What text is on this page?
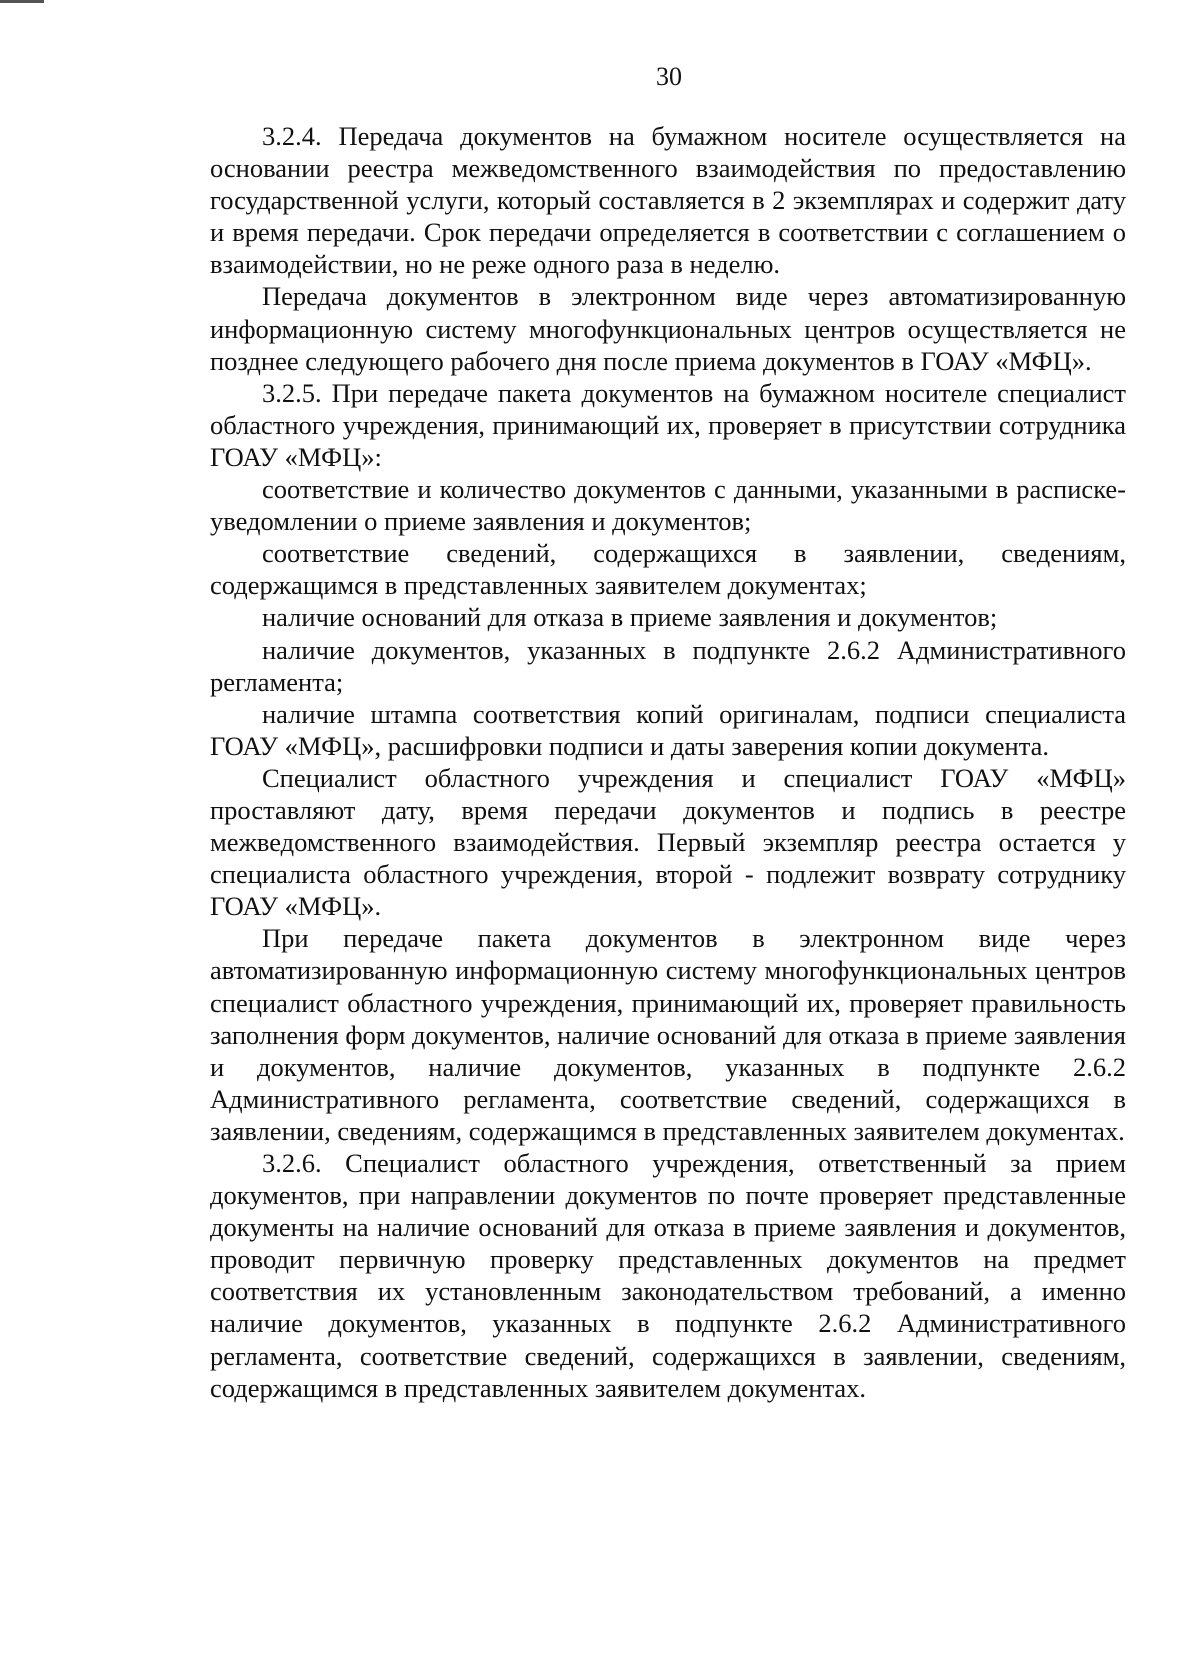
30

3.2.4. Передача документов на бумажном носителе осуществляется на основании реестра межведомственного взаимодействия по предоставлению государственной услуги, который составляется в 2 экземплярах и содержит дату и время передачи. Срок передачи определяется в соответствии с соглашением о взаимодействии, но не реже одного раза в неделю.

Передача документов в электронном виде через автоматизированную информационную систему многофункциональных центров осуществляется не позднее следующего рабочего дня после приема документов в ГОАУ «МФЦ».

3.2.5. При передаче пакета документов на бумажном носителе специалист областного учреждения, принимающий их, проверяет в присутствии сотрудника ГОАУ «МФЦ»:

соответствие и количество документов с данными, указанными в расписке-уведомлении о приеме заявления и документов;

соответствие сведений, содержащихся в заявлении, сведениям, содержащимся в представленных заявителем документах;

наличие оснований для отказа в приеме заявления и документов;

наличие документов, указанных в подпункте 2.6.2 Административного регламента;

наличие штампа соответствия копий оригиналам, подписи специалиста ГОАУ «МФЦ», расшифровки подписи и даты заверения копии документа.

Специалист областного учреждения и специалист ГОАУ «МФЦ» проставляют дату, время передачи документов и подпись в реестре межведомственного взаимодействия. Первый экземпляр реестра остается у специалиста областного учреждения, второй - подлежит возврату сотруднику ГОАУ «МФЦ».

При передаче пакета документов в электронном виде через автоматизированную информационную систему многофункциональных центров специалист областного учреждения, принимающий их, проверяет правильность заполнения форм документов, наличие оснований для отказа в приеме заявления и документов, наличие документов, указанных в подпункте 2.6.2 Административного регламента, соответствие сведений, содержащихся в заявлении, сведениям, содержащимся в представленных заявителем документах.

3.2.6. Специалист областного учреждения, ответственный за прием документов, при направлении документов по почте проверяет представленные документы на наличие оснований для отказа в приеме заявления и документов, проводит первичную проверку представленных документов на предмет соответствия их установленным законодательством требований, а именно наличие документов, указанных в подпункте 2.6.2 Административного регламента, соответствие сведений, содержащихся в заявлении, сведениям, содержащимся в представленных заявителем документах.
